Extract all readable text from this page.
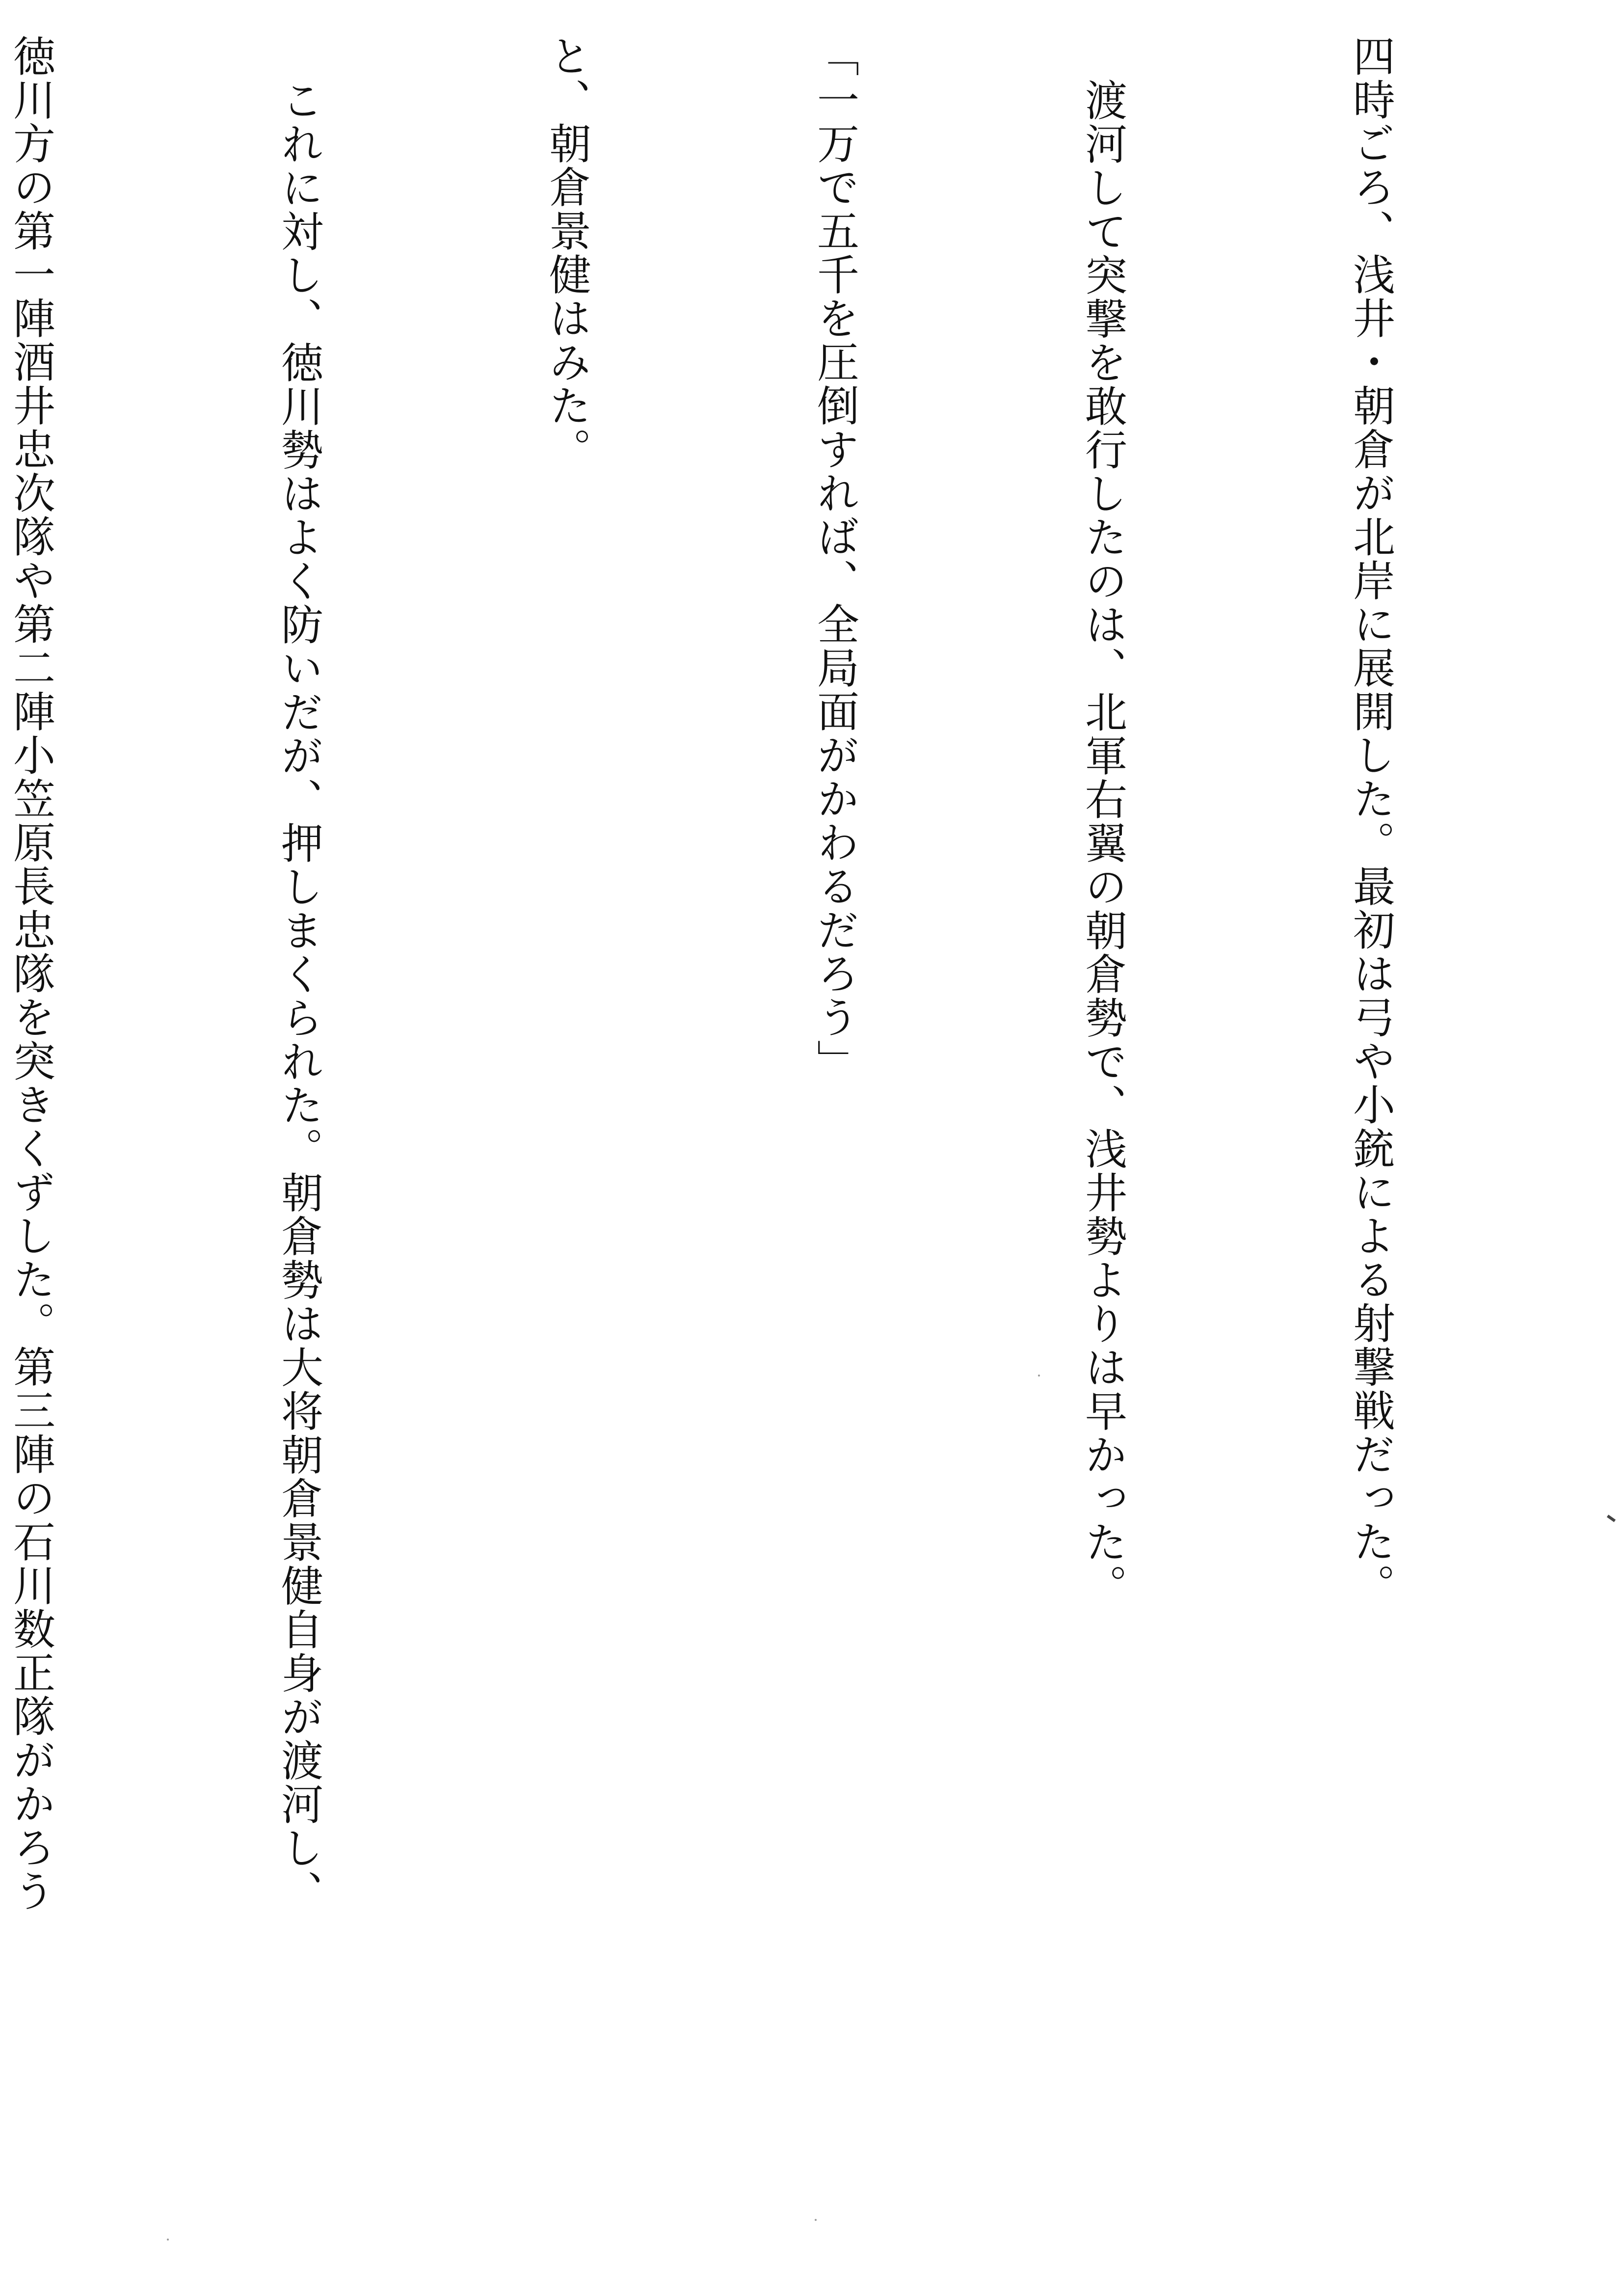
四時ごろ、浅井・朝倉が北岸に展開した。最初は弓や小銃による射撃戦だった。

渡河して突撃を敢行したのは、北軍右翼の朝倉勢で、浅井勢よりは早かった。

「一万で五千を圧倒すれば、全局面がかわるだろう」

と、朝倉景健はみた。

これに対し、徳川勢はよく防いだが、押しまくられた。朝倉勢は大将朝倉景健自身が渡河し、

徳川方の第一陣酒井忠次隊や第二陣小笠原長忠隊を突きくずした。第三陣の石川数正隊がかろう
